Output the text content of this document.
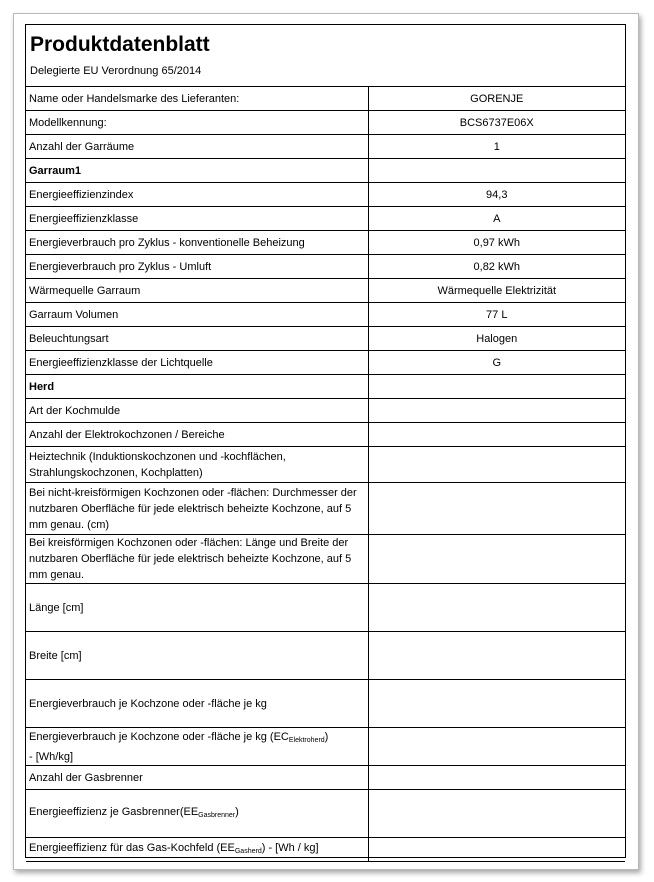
Produktdatenblatt
Delegierte EU Verordnung 65/2014
Name oder Handelsmarke des Lieferanten:	GORENJE
Modellkennung:	BCS6737E06X
Anzahl der Garräume	1
Garraum1	
Energieeffizienzindex	94,3
Energieeffizienzklasse	A
Energieverbrauch pro Zyklus - konventionelle Beheizung	0,97 kWh
Energieverbrauch pro Zyklus - Umluft	0,82 kWh
Wärmequelle Garraum	Wärmequelle Elektrizität
Garraum Volumen	77 L
Beleuchtungsart	Halogen
Energieeffizienzklasse der Lichtquelle	G
Herd	
Art der Kochmulde	
Anzahl der Elektrokochzonen / Bereiche	
Heiztechnik (Induktionskochzonen und -kochflächen, Strahlungskochzonen, Kochplatten)	
Bei nicht-kreisförmigen Kochzonen oder -flächen: Durchmesser der nutzbaren Oberfläche für jede elektrisch beheizte Kochzone, auf 5 mm genau. (cm)	
Bei kreisförmigen Kochzonen oder -flächen: Länge und Breite der nutzbaren Oberfläche für jede elektrisch beheizte Kochzone, auf 5 mm genau.	
Länge [cm]	
Breite [cm]	
Energieverbrauch je Kochzone oder -fläche je kg	
Energieverbrauch je Kochzone oder -fläche je kg $(EC_{Elektroherd})$
- [Wh/kg]	
Anzahl der Gasbrenner	
Energieeffizienz je $Gasbrenner(EE_{Gasbrenner})$	
Energieeffizienz für das Gas-Kochfeld $(EE_{Gasherd}) - [Wh / kg]$	
